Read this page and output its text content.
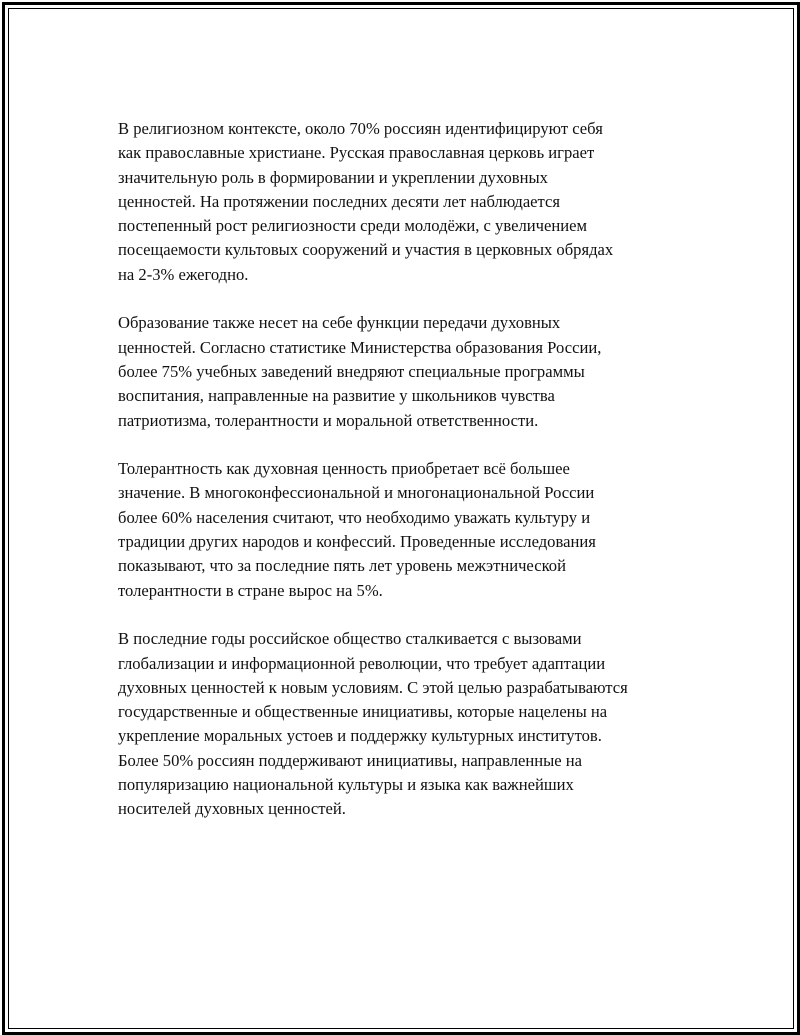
В религиозном контексте, около 70% россиян идентифицируют себя
как православные христиане. Русская православная церковь играет
значительную роль в формировании и укреплении духовных
ценностей. На протяжении последних десяти лет наблюдается
постепенный рост религиозности среди молодёжи, с увеличением
посещаемости культовых сооружений и участия в церковных обрядах
на 2-3% ежегодно.

Образование также несет на себе функции передачи духовных
ценностей. Согласно статистике Министерства образования России,
более 75% учебных заведений внедряют специальные программы
воспитания, направленные на развитие у школьников чувства
патриотизма, толерантности и моральной ответственности.

Толерантность как духовная ценность приобретает всё большее
значение. В многоконфессиональной и многонациональной России
более 60% населения считают, что необходимо уважать культуру и
традиции других народов и конфессий. Проведенные исследования
показывают, что за последние пять лет уровень межэтнической
толерантности в стране вырос на 5%.

В последние годы российское общество сталкивается с вызовами
глобализации и информационной революции, что требует адаптации
духовных ценностей к новым условиям. С этой целью разрабатываются
государственные и общественные инициативы, которые нацелены на
укрепление моральных устоев и поддержку культурных институтов.
Более 50% россиян поддерживают инициативы, направленные на
популяризацию национальной культуры и языка как важнейших
носителей духовных ценностей.
